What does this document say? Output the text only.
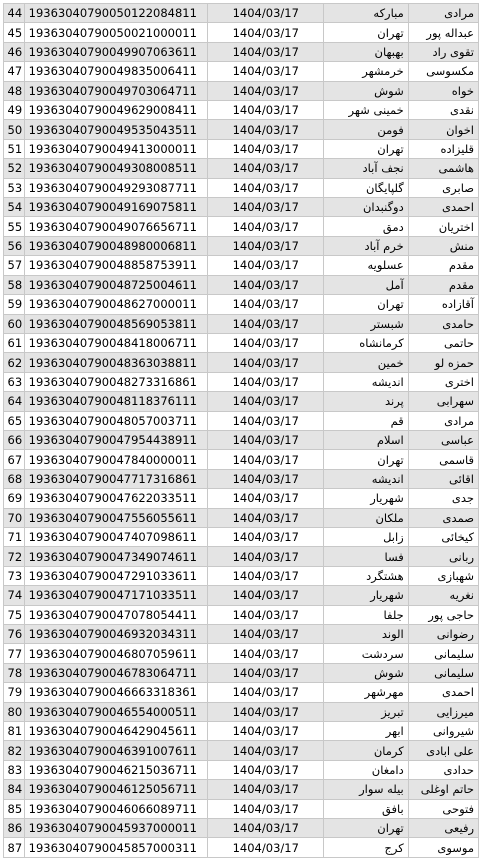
44	19363040790050122084811	1404/03/17	مبارکه	مرادی
45	19363040790050021000011	1404/03/17	تهران	عبداله پور
46	19363040790049907063611	1404/03/17	بهبهان	تقوی راد
47	19363040790049835006411	1404/03/17	خرمشهر	مکسوسی
48	19363040790049703064711	1404/03/17	شوش	خواه
49	19363040790049629008411	1404/03/17	خمینی شهر	نقدی
50	19363040790049535043511	1404/03/17	فومن	اخوان
51	19363040790049413000011	1404/03/17	تهران	قلیزاده
52	19363040790049308008511	1404/03/17	نجف آباد	هاشمی
53	19363040790049293087711	1404/03/17	گلپایگان	صابری
54	19363040790049169075811	1404/03/17	دوگنبدان	احمدی
55	19363040790049076656711	1404/03/17	دمق	اختریان
56	19363040790048980006811	1404/03/17	خرم آباد	منش
57	19363040790048858753911	1404/03/17	عسلویه	مقدم
58	19363040790048725004611	1404/03/17	آمل	مقدم
59	19363040790048627000011	1404/03/17	تهران	آقازاده
60	19363040790048569053811	1404/03/17	شبستر	حامدی
61	19363040790048418006711	1404/03/17	کرمانشاه	حاتمی
62	19363040790048363038811	1404/03/17	خمین	حمزه لو
63	19363040790048273316861	1404/03/17	اندیشه	اختری
64	19363040790048118376111	1404/03/17	پرند	سهرابی
65	19363040790048057003711	1404/03/17	قم	مرادی
66	19363040790047954438911	1404/03/17	اسلام	عباسی
67	19363040790047840000011	1404/03/17	تهران	قاسمی
68	19363040790047717316861	1404/03/17	اندیشه	اقائی
69	19363040790047622033511	1404/03/17	شهریار	جدی
70	19363040790047556055611	1404/03/17	ملکان	صمدی
71	19363040790047407098611	1404/03/17	زابل	کیخائی
72	19363040790047349074611	1404/03/17	فسا	ربانی
73	19363040790047291033611	1404/03/17	هشتگرد	شهبازی
74	19363040790047171033511	1404/03/17	شهریار	نغریه
75	19363040790047078054411	1404/03/17	جلفا	حاجی پور
76	19363040790046932034311	1404/03/17	الوند	رضوانی
77	19363040790046807059611	1404/03/17	سردشت	سلیمانی
78	19363040790046783064711	1404/03/17	شوش	سلیمانی
79	19363040790046663318361	1404/03/17	مهرشهر	احمدی
80	19363040790046554000511	1404/03/17	تبریز	میرزایی
81	19363040790046429045611	1404/03/17	ابهر	شیروانی
82	19363040790046391007611	1404/03/17	کرمان	علی ابادی
83	19363040790046215036711	1404/03/17	دامغان	حدادی
84	19363040790046125056711	1404/03/17	بیله سوار	حاتم اوغلی
85	19363040790046066089711	1404/03/17	بافق	فتوحی
86	19363040790045937000011	1404/03/17	تهران	رفیعی
87	19363040790045857000311	1404/03/17	کرج	موسوی
